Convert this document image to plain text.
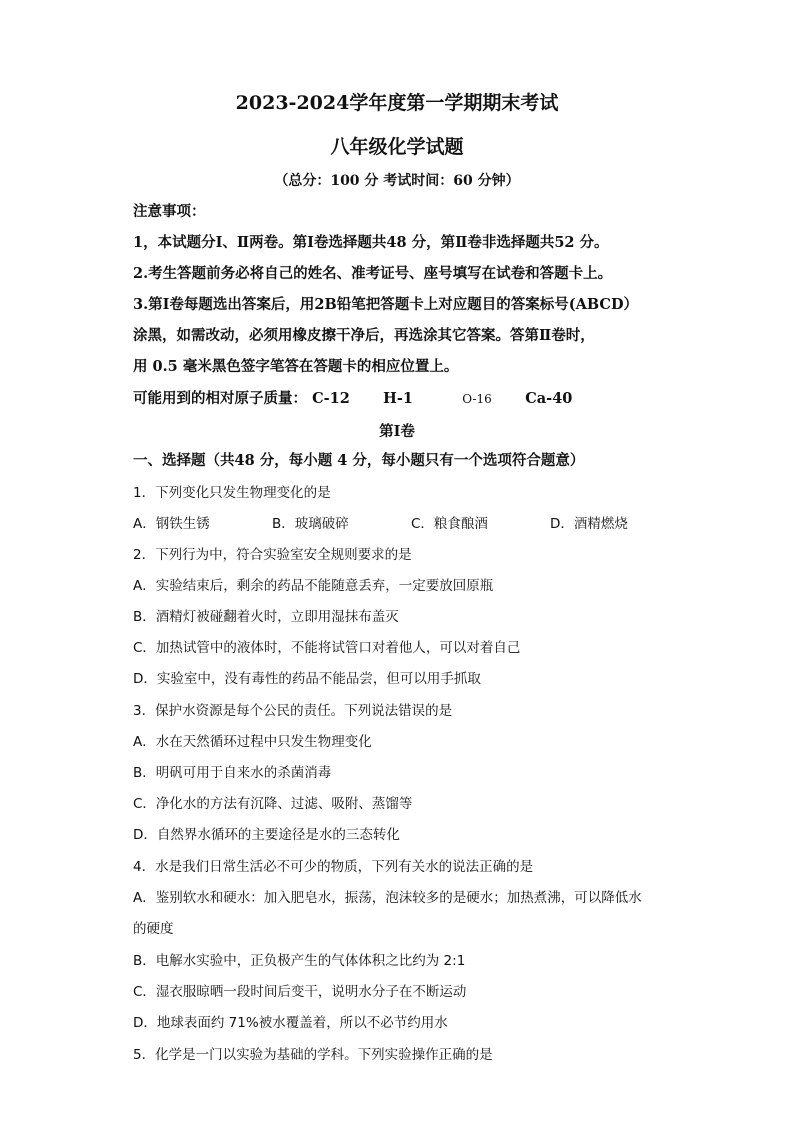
2023-2024学年度第一学期期末考试
八年级化学试题
（总分：100 分 考试时间：60 分钟）
注意事项：
1，本试题分Ⅰ、Ⅱ两卷。第Ⅰ卷选择题共48 分，第Ⅱ卷非选择题共52 分。
2.考生答题前务必将自己的姓名、准考证号、座号填写在试卷和答题卡上。
3.第Ⅰ卷每题选出答案后，用2B铅笔把答题卡上对应题目的答案标号(ABCD）
涂黑，如需改动，必须用橡皮擦干净后，再选涂其它答案。答第Ⅱ卷时，
用 0.5 毫米黑色签字笔答在答题卡的相应位置上。
可能用到的相对原子质量： C-12 H-1	O-16 Ca-40
第Ⅰ卷
一、选择题（共48 分，每小题 4 分，每小题只有一个选项符合题意）
1．下列变化只发生物理变化的是
A．钢铁生锈	B．玻璃破碎	C．粮食酿酒	D．酒精燃烧
2．下列行为中，符合实验室安全规则要求的是
A．实验结束后，剩余的药品不能随意丢弃，一定要放回原瓶
B．酒精灯被碰翻着火时，立即用湿抹布盖灭
C．加热试管中的液体时，不能将试管口对着他人，可以对着自己
D．实验室中，没有毒性的药品不能品尝，但可以用手抓取
3．保护水资源是每个公民的责任。下列说法错误的是
A．水在天然循环过程中只发生物理变化
B．明矾可用于自来水的杀菌消毒
C．净化水的方法有沉降、过滤、吸附、蒸馏等
D．自然界水循环的主要途径是水的三态转化
4．水是我们日常生活必不可少的物质，下列有关水的说法正确的是
A．鉴别软水和硬水：加入肥皂水，振荡，泡沫较多的是硬水；加热煮沸，可以降低水
的硬度
B．电解水实验中，正负极产生的气体体积之比约为 2:1
C．湿衣服晾晒一段时间后变干，说明水分子在不断运动
D．地球表面约 71%被水覆盖着，所以不必节约用水
5．化学是一门以实验为基础的学科。下列实验操作正确的是
